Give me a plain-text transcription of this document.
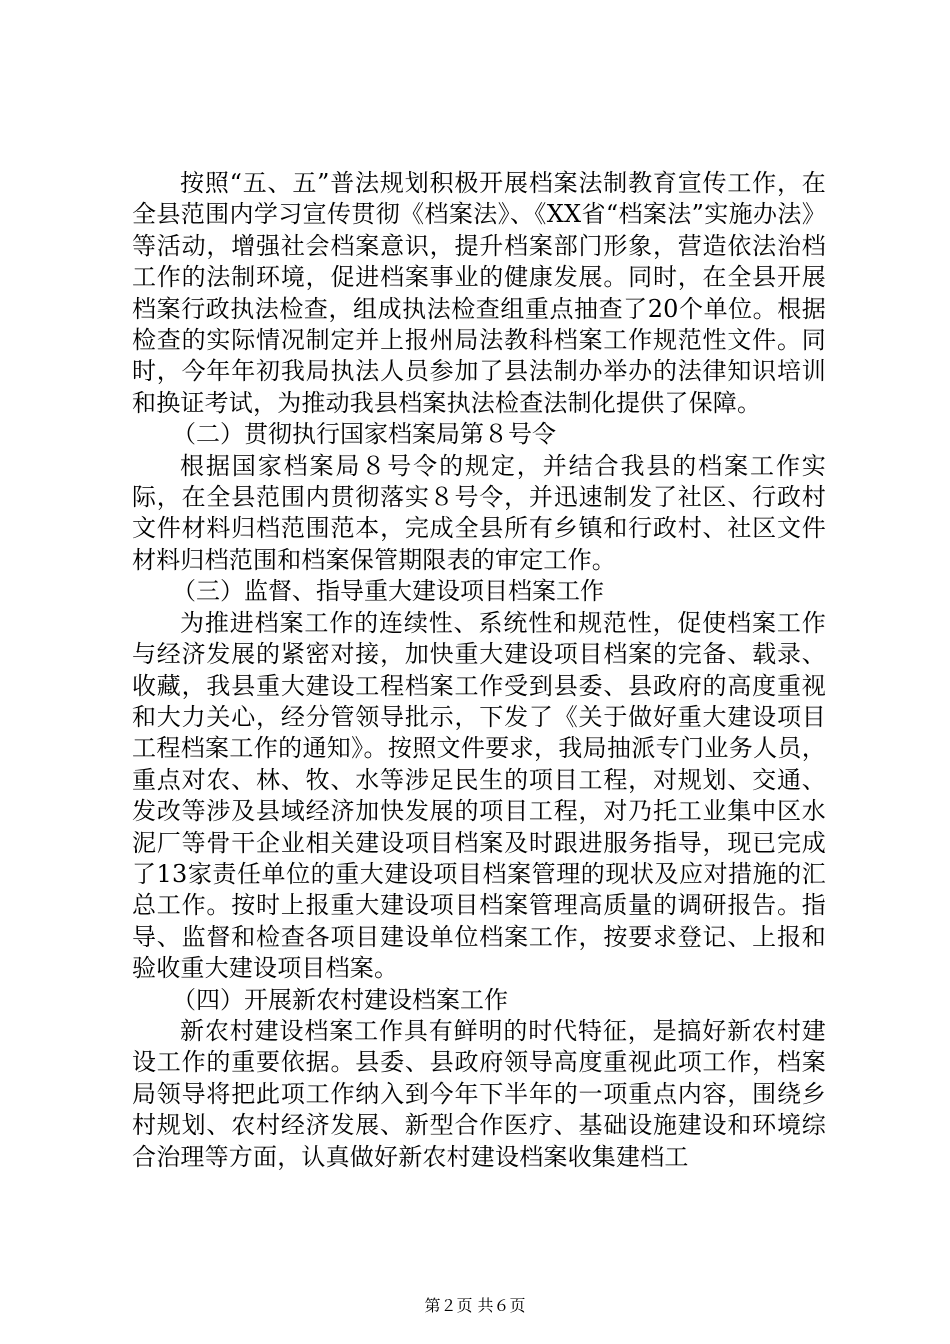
按照“五、五”普法规划积极开展档案法制教育宣传工作，在全县范围内学习宣传贯彻《档案法》、《XX省“档案法”实施办法》等活动，增强社会档案意识，提升档案部门形象，营造依法治档工作的法制环境，促进档案事业的健康发展。同时，在全县开展档案行政执法检查，组成执法检查组重点抽查了20个单位。根据检查的实际情况制定并上报州局法教科档案工作规范性文件。同时，今年年初我局执法人员参加了县法制办举办的法律知识培训和换证考试，为推动我县档案执法检查法制化提供了保障。

（二）贯彻执行国家档案局第８号令

根据国家档案局８号令的规定，并结合我县的档案工作实际，在全县范围内贯彻落实８号令，并迅速制发了社区、行政村文件材料归档范围范本，完成全县所有乡镇和行政村、社区文件材料归档范围和档案保管期限表的审定工作。

（三）监督、指导重大建设项目档案工作

为推进档案工作的连续性、系统性和规范性，促使档案工作与经济发展的紧密对接，加快重大建设项目档案的完备、载录、收藏，我县重大建设工程档案工作受到县委、县政府的高度重视和大力关心，经分管领导批示，下发了《关于做好重大建设项目工程档案工作的通知》。按照文件要求，我局抽派专门业务人员，重点对农、林、牧、水等涉足民生的项目工程，对规划、交通、发改等涉及县域经济加快发展的项目工程，对乃托工业集中区水泥厂等骨干企业相关建设项目档案及时跟进服务指导，现已完成了13家责任单位的重大建设项目档案管理的现状及应对措施的汇总工作。按时上报重大建设项目档案管理高质量的调研报告。指导、监督和检查各项目建设单位档案工作，按要求登记、上报和验收重大建设项目档案。

（四）开展新农村建设档案工作

新农村建设档案工作具有鲜明的时代特征，是搞好新农村建设工作的重要依据。县委、县政府领导高度重视此项工作，档案局领导将把此项工作纳入到今年下半年的一项重点内容，围绕乡村规划、农村经济发展、新型合作医疗、基础设施建设和环境综合治理等方面，认真做好新农村建设档案收集建档工

第２页 共６页
